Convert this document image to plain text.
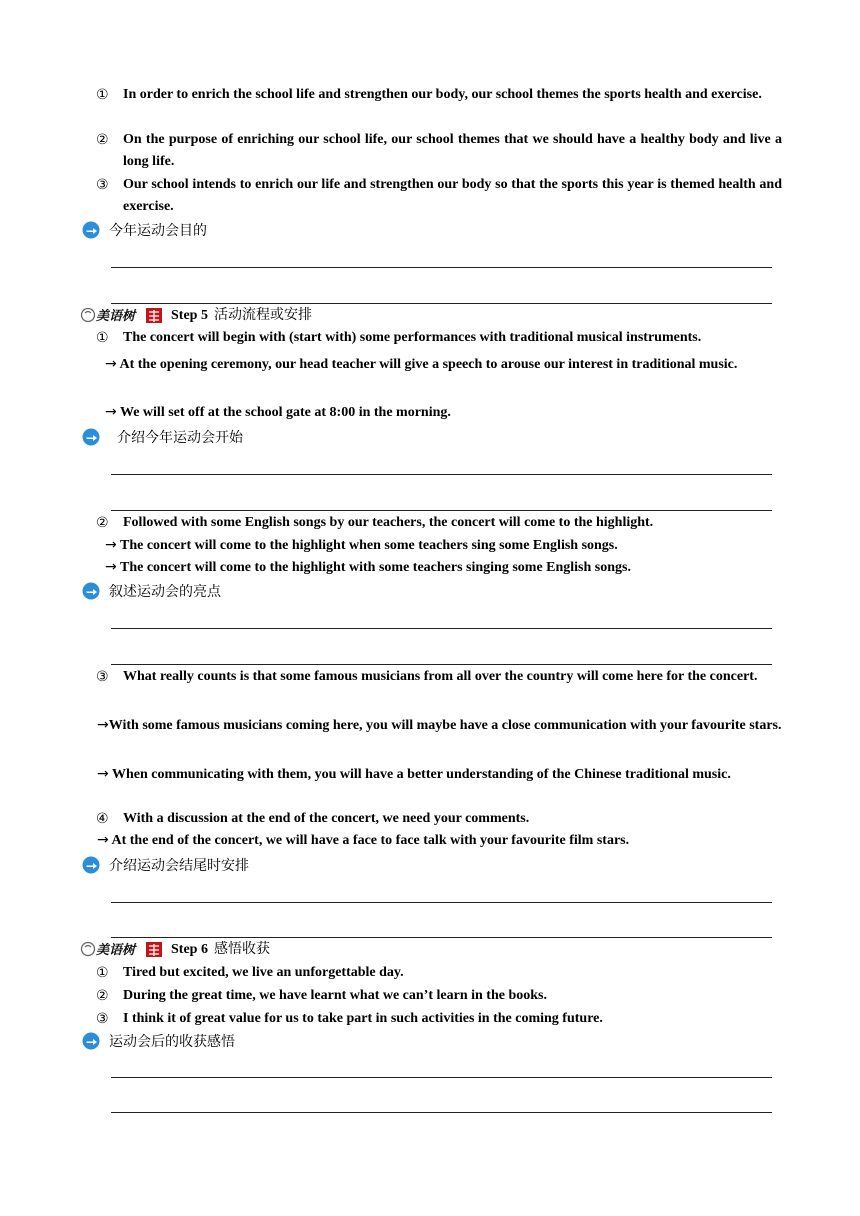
①	In order to enrich the school life and strengthen our body, our school themes the sports health and exercise.
②	On the purpose of enriching our school life, our school themes that we should have a healthy body and live a long life.
③	Our school intends to enrich our life and strengthen our body so that the sports this year is themed health and exercise.
今年运动会目的
美语树	Step 5 活动流程或安排
①	The concert will begin with (start with) some performances with traditional musical instruments.
→ At the opening ceremony, our head teacher will give a speech to arouse our interest in traditional music.
→ We will set off at the school gate at 8:00 in the morning.
介绍今年运动会开始
②	Followed with some English songs by our teachers, the concert will come to the highlight.
→ The concert will come to the highlight when some teachers sing some English songs.
→ The concert will come to the highlight with some teachers singing some English songs.
叙述运动会的亮点
③	What really counts is that some famous musicians from all over the country will come here for the concert.
→With some famous musicians coming here, you will maybe have a close communication with your favourite stars.
→ When communicating with them, you will have a better understanding of the Chinese traditional music.
④	With a discussion at the end of the concert, we need your comments.
→ At the end of the concert, we will have a face to face talk with your favourite film stars.
介绍运动会结尾时安排
美语树	Step 6 感悟收获
①	Tired but excited, we live an unforgettable day.
②	During the great time, we have learnt what we can’t learn in the books.
③	I think it of great value for us to take part in such activities in the coming future.
运动会后的收获感悟
